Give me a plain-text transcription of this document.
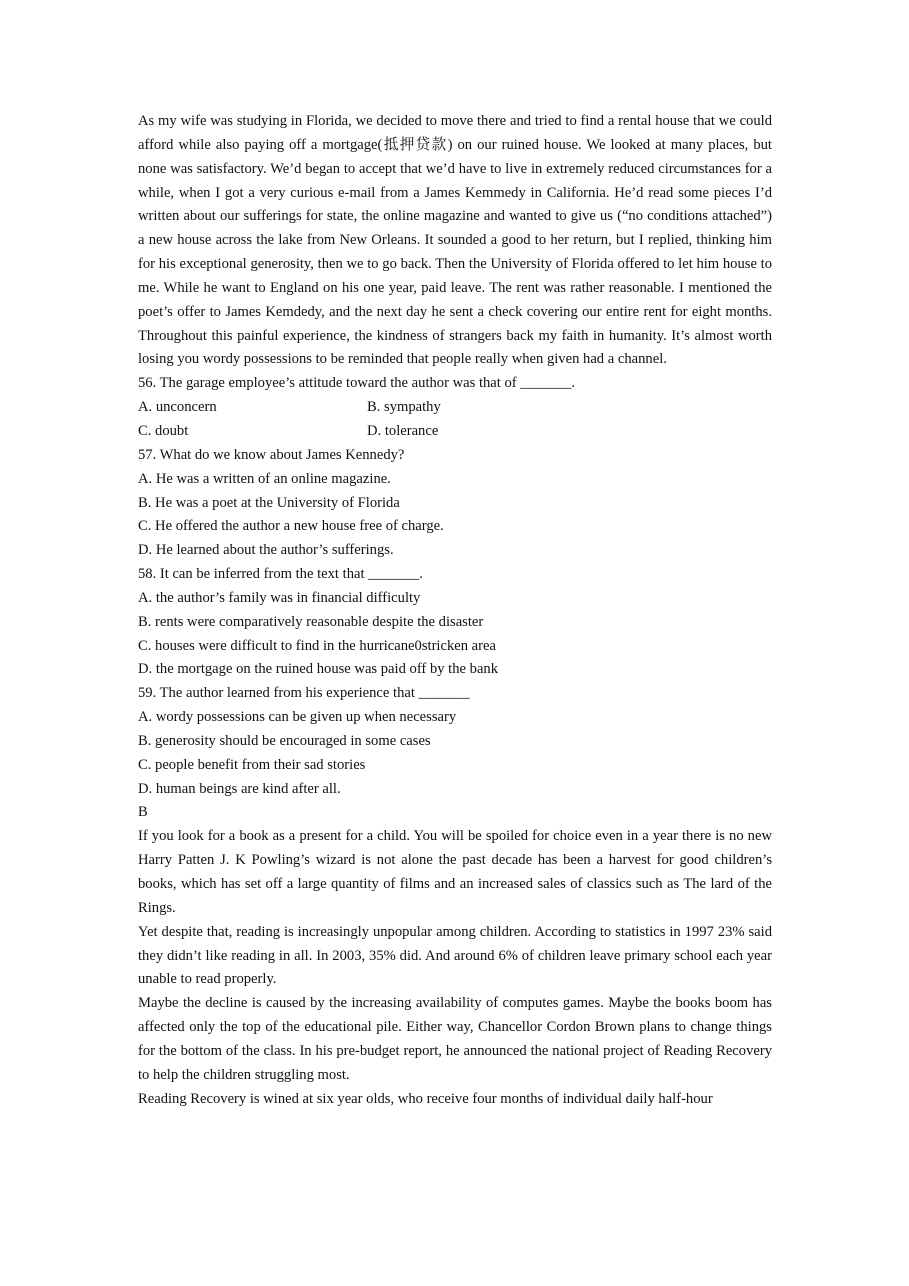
As my wife was studying in Florida, we decided to move there and tried to find a rental house that we could afford while also paying off a mortgage(抵押贷款) on our ruined house. We looked at many places, but none was satisfactory. We’d began to accept that we’d have to live in extremely reduced circumstances for a while, when I got a very curious e-mail from a James Kemmedy in California. He’d read some pieces I’d written about our sufferings for state, the online magazine and wanted to give us (“no conditions attached”) a new house across the lake from New Orleans. It sounded a good to her return, but I replied, thinking him for his exceptional generosity, then we to go back. Then the University of Florida offered to let him house to me. While he want to England on his one year, paid leave. The rent was rather reasonable. I mentioned the poet’s offer to James Kemdedy, and the next day he sent a check covering our entire rent for eight months. Throughout this painful experience, the kindness of strangers back my faith in humanity. It’s almost worth losing you wordy possessions to be reminded that people really when given had a channel.

56. The garage employee’s attitude toward the author was that of _______.

A. unconcern	B. sympathy
C. doubt	D. tolerance

57. What do we know about James Kennedy?

A. He was a written of an online magazine.

B. He was a poet at the University of Florida

C. He offered the author a new house free of charge.

D. He learned about the author’s sufferings.

58. It can be inferred from the text that _______.

A. the author’s family was in financial difficulty

B. rents were comparatively reasonable despite the disaster

C. houses were difficult to find in the hurricane0stricken area

D. the mortgage on the ruined house was paid off by the bank

59. The author learned from his experience that _______

A. wordy possessions can be given up when necessary

B. generosity should be encouraged in some cases

C. people benefit from their sad stories

D. human beings are kind after all.

B

If you look for a book as a present for a child. You will be spoiled for choice even in a year there is no new Harry Patten J. K Powling’s wizard is not alone the past decade has been a harvest for good children’s books, which has set off a large quantity of films and an increased sales of classics such as The lard of the Rings.

Yet despite that, reading is increasingly unpopular among children. According to statistics in 1997 23% said they didn’t like reading in all. In 2003, 35% did. And around 6% of children leave primary school each year unable to read properly.

Maybe the decline is caused by the increasing availability of computes games. Maybe the books boom has affected only the top of the educational pile. Either way, Chancellor Cordon Brown plans to change things for the bottom of the class. In his pre-budget report, he announced the national project of Reading Recovery to help the children struggling most.

Reading Recovery is wined at six year olds, who receive four months of individual daily half-hour
